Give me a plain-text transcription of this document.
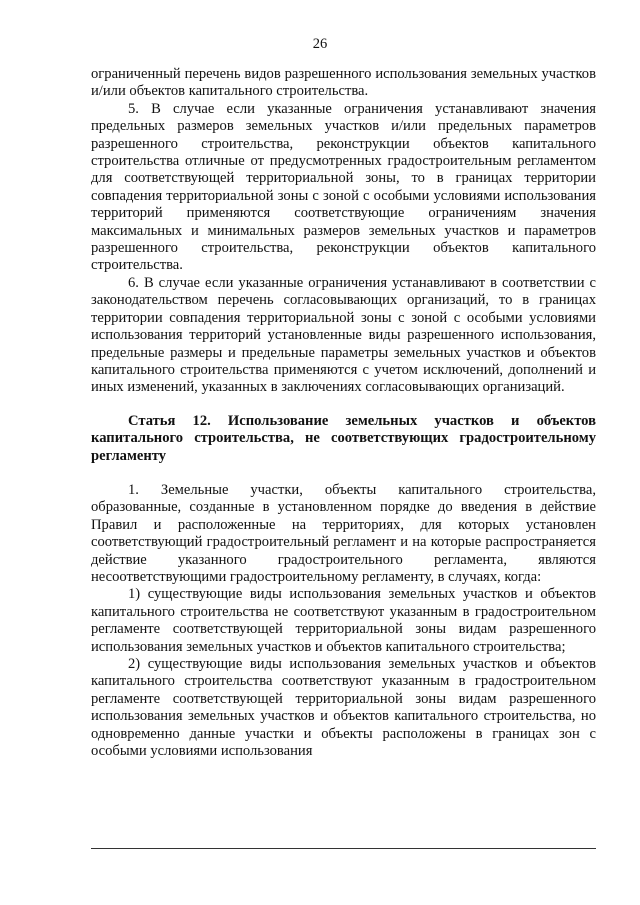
26

ограниченный перечень видов разрешенного использования земельных участков и/или объектов капитального строительства.

5. В случае если указанные ограничения устанавливают значения предельных размеров земельных участков и/или предельных параметров разрешенного строительства, реконструкции объектов капитального строительства отличные от предусмотренных градостроительным регламентом для соответствующей территориальной зоны, то в границах территории совпадения территориальной зоны с зоной с особыми условиями использования территорий применяются соответствующие ограничениям значения максимальных и минимальных размеров земельных участков и параметров разрешенного строительства, реконструкции объектов капитального строительства.

6. В случае если указанные ограничения устанавливают в соответствии с законодательством перечень согласовывающих организаций, то в границах территории совпадения территориальной зоны с зоной с особыми условиями использования территорий установленные виды разрешенного использования, предельные размеры и предельные параметры земельных участков и объектов капитального строительства применяются с учетом исключений, дополнений и иных изменений, указанных в заключениях согласовывающих организаций.

Статья 12. Использование земельных участков и объектов капитального строительства, не соответствующих градостроительному регламенту

1. Земельные участки, объекты капитального строительства, образованные, созданные в установленном порядке до введения в действие Правил и расположенные на территориях, для которых установлен соответствующий градостроительный регламент и на которые распространяется действие указанного градостроительного регламента, являются несоответствующими градостроительному регламенту, в случаях, когда:

1) существующие виды использования земельных участков и объектов капитального строительства не соответствуют указанным в градостроительном регламенте соответствующей территориальной зоны видам разрешенного использования земельных участков и объектов капитального строительства;

2) существующие виды использования земельных участков и объектов капитального строительства соответствуют указанным в градостроительном регламенте соответствующей территориальной зоны видам разрешенного использования земельных участков и объектов капитального строительства, но одновременно данные участки и объекты расположены в границах зон с особыми условиями использования
